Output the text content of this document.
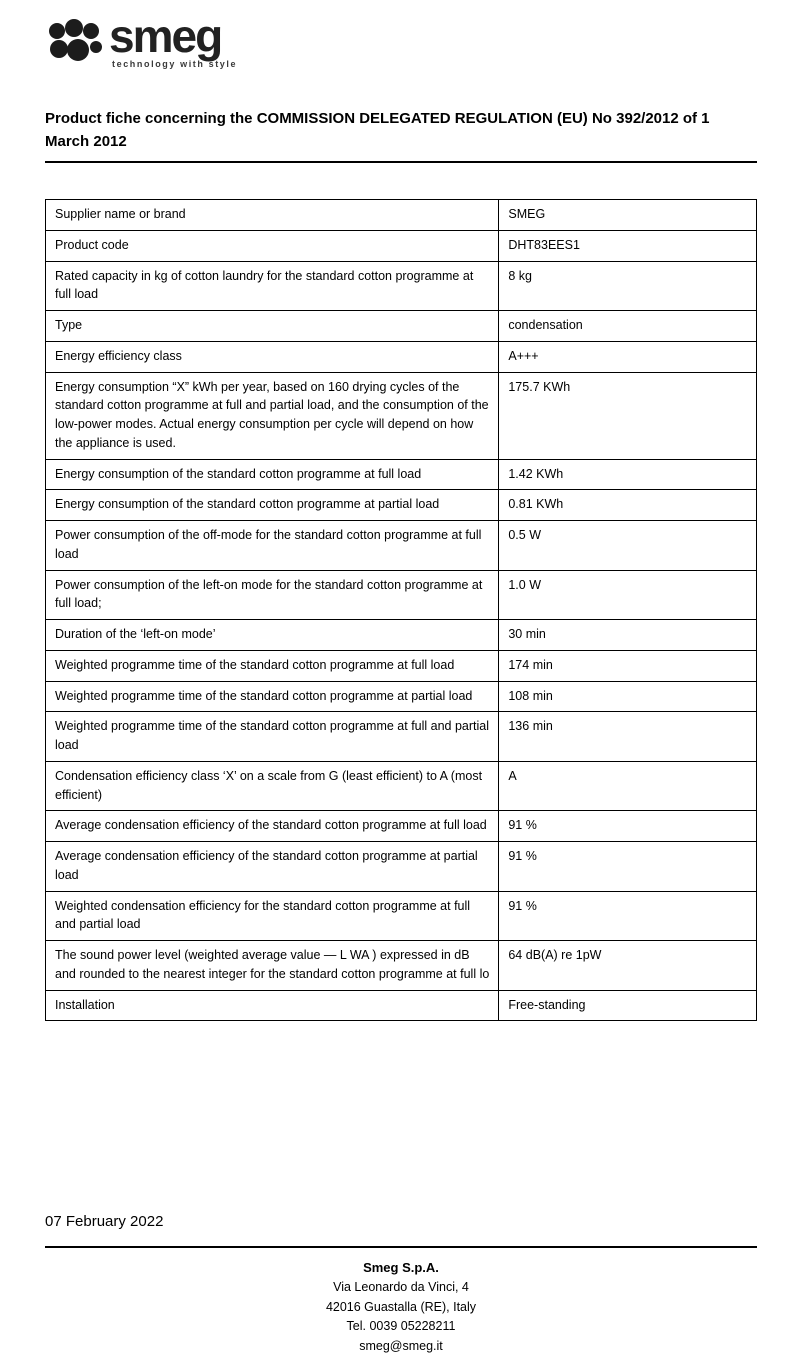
smeg
technology with style
Product fiche concerning the COMMISSION DELEGATED REGULATION (EU) No 392/2012 of 1 March 2012
Supplier name or brand	SMEG
Product code	DHT83EES1
Rated capacity in kg of cotton laundry for the standard cotton programme at full load	8 kg
Type	condensation
Energy efficiency class	A+++
Energy consumption “X” kWh per year, based on 160 drying cycles of the standard cotton programme at full and partial load, and the consumption of the low-power modes. Actual energy consumption per cycle will depend on how the appliance is used.	175.7 KWh
Energy consumption of the standard cotton programme at full load	1.42 KWh
Energy consumption of the standard cotton programme at partial load	0.81 KWh
Power consumption of the off-mode for the standard cotton programme at full load	0.5 W
Power consumption of the left-on mode for the standard cotton programme at full load;	1.0 W
Duration of the ‘left-on mode’	30 min
Weighted programme time of the standard cotton programme at full load	174 min
Weighted programme time of the standard cotton programme at partial load	108 min
Weighted programme time of the standard cotton programme at full and partial load	136 min
Condensation efficiency class ‘X’ on a scale from G (least efficient) to A (most efficient)	A
Average condensation efficiency of the standard cotton programme at full load	91 %
Average condensation efficiency of the standard cotton programme at partial load	91 %
Weighted condensation efficiency for the standard cotton programme at full and partial load	91 %
The sound power level (weighted average value — L WA ) expressed in dB and rounded to the nearest integer for the standard cotton programme at full lo	64 dB(A) re 1pW
Installation	Free-standing
07 February 2022
Smeg S.p.A.
Via Leonardo da Vinci, 4
42016 Guastalla (RE), Italy
Tel. 0039 05228211
smeg@smeg.it
